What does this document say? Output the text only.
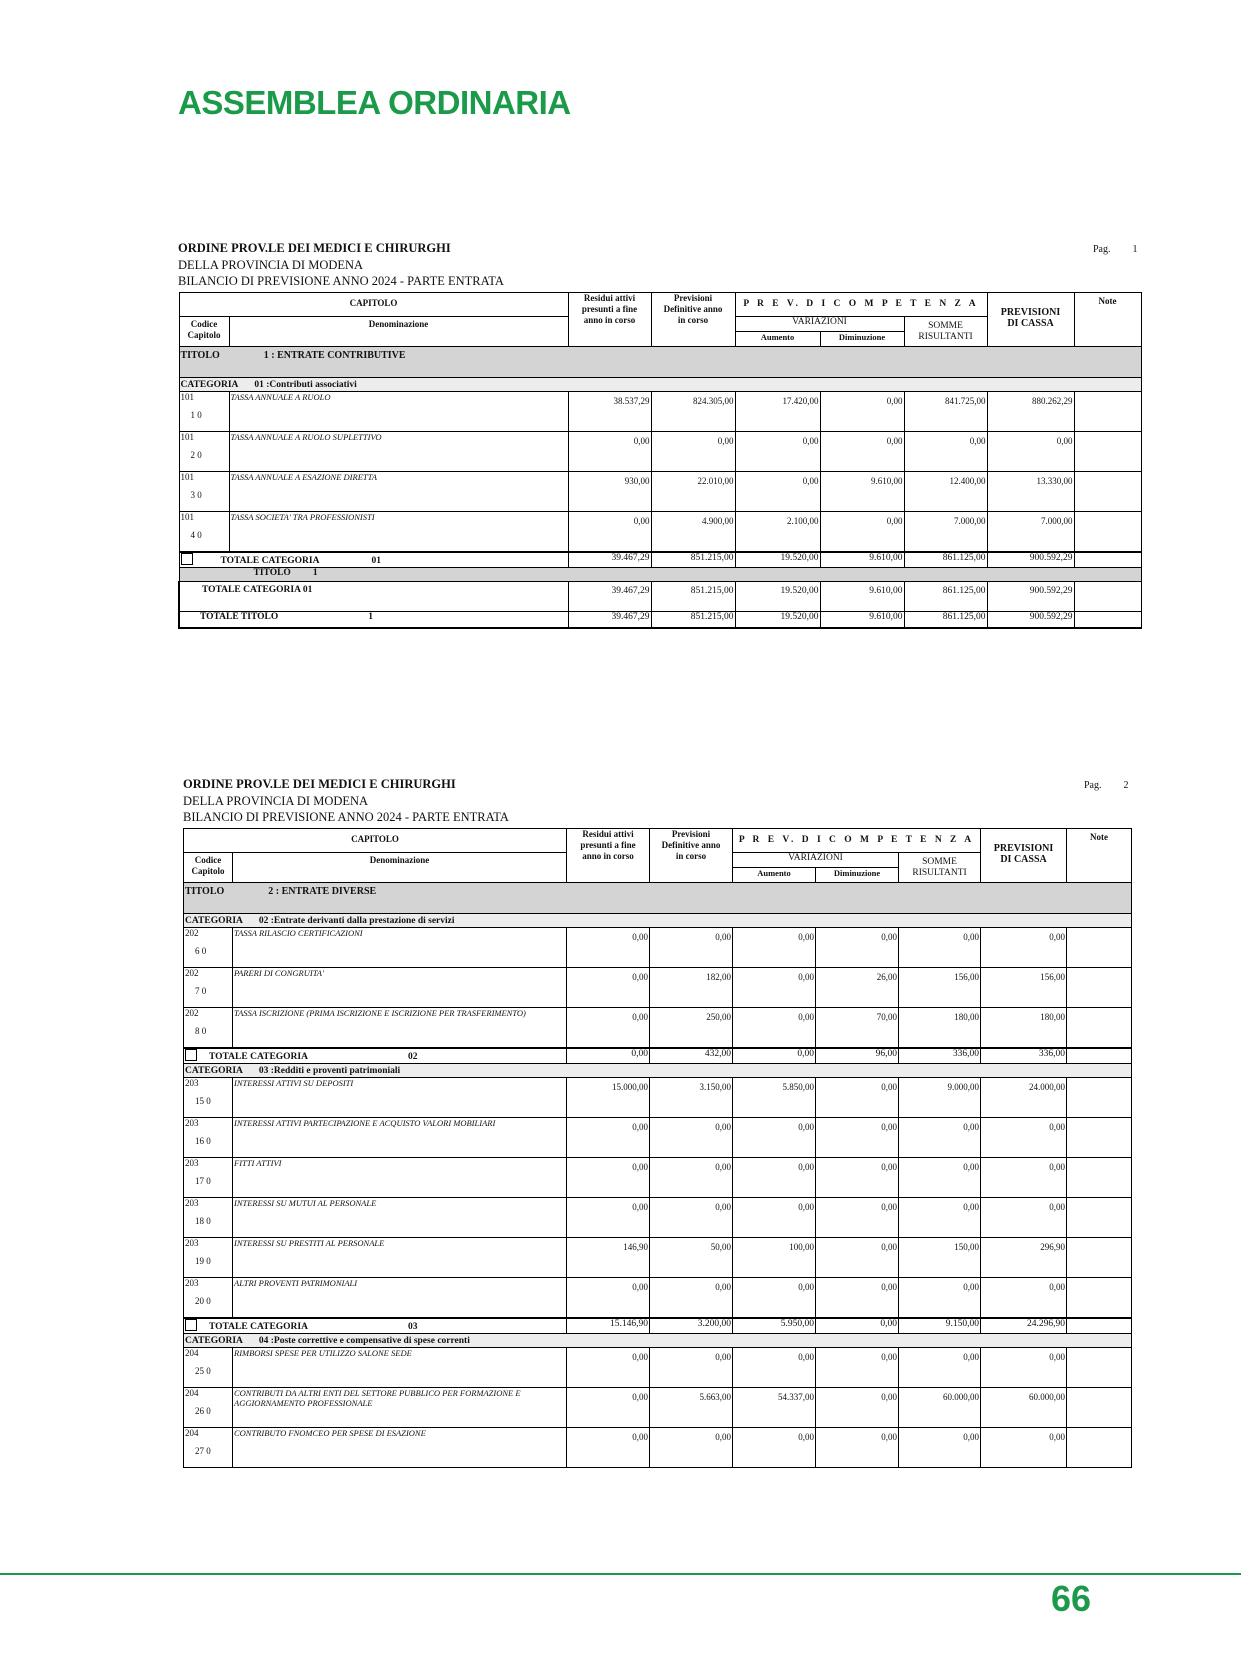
ASSEMBLEA ORDINARIA
ORDINE PROV.LE DEI MEDICI E CHIRURGHI
DELLA PROVINCIA DI MODENA
BILANCIO DI PREVISIONE ANNO 2024 - PARTE ENTRATA
Pag. 1
CAPITOLO		Residui attivi
presunti a fine
anno in corso	Previsioni
Definitive anno
in corso	P R E V. D I C O M P E T E N Z A			PREVISIONI
DI CASSA	Note
Codice
Capitolo	Denominazione			VARIAZIONI		SOMME
RISULTANTI		
				Aumento	Diminuzione			
TITOLO 1 : ENTRATE CONTRIBUTIVE								
CATEGORIA 01 :Contributi associativi								
101
1 0	TASSA ANNUALE A RUOLO	38.537,29	824.305,00	17.420,00	0,00	841.725,00	880.262,29	
101
2 0	TASSA ANNUALE A RUOLO SUPLETTIVO	0,00	0,00	0,00	0,00	0,00	0,00	
101
3 0	TASSA ANNUALE A ESAZIONE DIRETTA	930,00	22.010,00	0,00	9.610,00	12.400,00	13.330,00	
101
4 0	TASSA SOCIETA' TRA PROFESSIONISTI	0,00	4.900,00	2.100,00	0,00	7.000,00	7.000,00	
TOTALE CATEGORIA 01		39.467,29	851.215,00	19.520,00	9.610,00	861.125,00	900.592,29	
TITOLO 1								
TOTALE CATEGORIA 01		39.467,29	851.215,00	19.520,00	9.610,00	861.125,00	900.592,29	
TOTALE TITOLO 1		39.467,29	851.215,00	19.520,00	9.610,00	861.125,00	900.592,29	
ORDINE PROV.LE DEI MEDICI E CHIRURGHI
DELLA PROVINCIA DI MODENA
BILANCIO DI PREVISIONE ANNO 2024 - PARTE ENTRATA
Pag. 2
CAPITOLO		Residui attivi
presunti a fine
anno in corso	Previsioni
Definitive anno
in corso	P R E V. D I C O M P E T E N Z A			PREVISIONI
DI CASSA	Note
Codice
Capitolo	Denominazione			VARIAZIONI		SOMME
RISULTANTI		
				Aumento	Diminuzione			
TITOLO 2 : ENTRATE DIVERSE								
CATEGORIA 02 :Entrate derivanti dalla prestazione di servizi								
202
6 0	TASSA RILASCIO CERTIFICAZIONI	0,00	0,00	0,00	0,00	0,00	0,00	
202
7 0	PARERI DI CONGRUITA'	0,00	182,00	0,00	26,00	156,00	156,00	
202
8 0	TASSA ISCRIZIONE (PRIMA ISCRIZIONE E ISCRIZIONE PER TRASFERIMENTO)	0,00	250,00	0,00	70,00	180,00	180,00	
TOTALE CATEGORIA 02		0,00	432,00	0,00	96,00	336,00	336,00	
CATEGORIA 03 :Redditi e proventi patrimoniali								
203
15 0	INTERESSI ATTIVI SU DEPOSITI	15.000,00	3.150,00	5.850,00	0,00	9.000,00	24.000,00	
203
16 0	INTERESSI ATTIVI PARTECIPAZIONE E ACQUISTO VALORI MOBILIARI	0,00	0,00	0,00	0,00	0,00	0,00	
203
17 0	FITTI ATTIVI	0,00	0,00	0,00	0,00	0,00	0,00	
203
18 0	INTERESSI SU MUTUI AL PERSONALE	0,00	0,00	0,00	0,00	0,00	0,00	
203
19 0	INTERESSI SU PRESTITI AL PERSONALE	146,90	50,00	100,00	0,00	150,00	296,90	
203
20 0	ALTRI PROVENTI PATRIMONIALI	0,00	0,00	0,00	0,00	0,00	0,00	
TOTALE CATEGORIA 03		15.146,90	3.200,00	5.950,00	0,00	9.150,00	24.296,90	
CATEGORIA 04 :Poste correttive e compensative di spese correnti								
204
25 0	RIMBORSI SPESE PER UTILIZZO SALONE SEDE	0,00	0,00	0,00	0,00	0,00	0,00	
204
26 0	CONTRIBUTI DA ALTRI ENTI DEL SETTORE PUBBLICO PER FORMAZIONE E AGGIORNAMENTO PROFESSIONALE	0,00	5.663,00	54.337,00	0,00	60.000,00	60.000,00	
204
27 0	CONTRIBUTO FNOMCEO PER SPESE DI ESAZIONE	0,00	0,00	0,00	0,00	0,00	0,00	
66
